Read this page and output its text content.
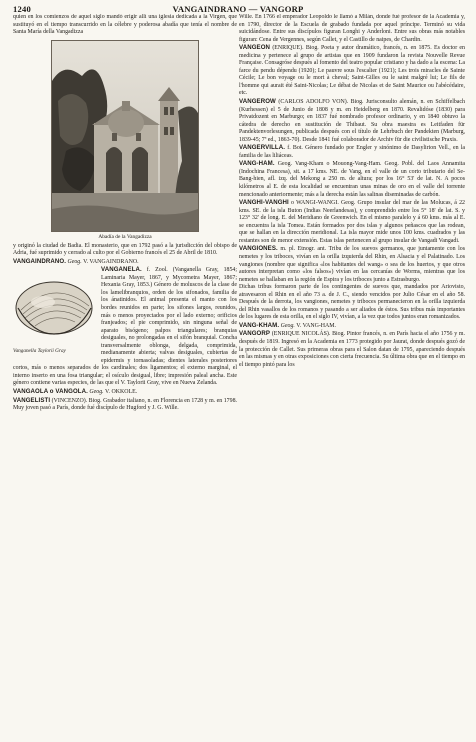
1240	VANGAINDRANO — VANGORP

quien en los comienzos de aquel siglo mandó erigir allí una iglesia dedicada a la Virgen, que sustituyó en el tiempo transcurrido en la célebre y poderosa abadía que tenía el nombre de Santa María della Vangadizza

Abadía de la Vangadizza

y originó la ciudad de Badia. El monasterio, que en 1792 pasó a la jurisdicción del obispo de Adria, fué suprimido y cerrado al culto por el Gobierno francés el 25 de Abril de 1810.

VANGAINDRANO. Geog. V. VANGAINDRANO.

Vanganella Taylorii Gray
VANGANELA. f. Zool. (Vanganella Gray, 1854; Laminaria Mayer, 1867, y Mycometra Mayer, 1867; Hexania Gray, 1853.) Género de moluscos de la clase de los lamelibranquios, orden de los sifonados, familia de los ánatinidos. El animal presenta el manto con los bordes reunidos en parte; los sifones largos, reunidos, más o menos proyectados por el lado externo; orificios franjeados; el pie comprimido, sin ninguna señal de aparato bisógeno; palpos triangulares; branquias desiguales, no prolongadas en el sifón branquial. Concha transversalmente oblonga, delgada, comprimida, medianamente abierta; valvas desiguales, cubiertas de epidermis y tornasoladas; dientes laterales posteriores cortos, más o menos separados de los cardinales; dos ligamentos; el externo marginal, el interno inserto en una fosa triangular; el osículo desigual, libre; impresión paleal ancha. Este género contiene varias especies, de las que el V. Taylorii Gray, vive en Nueva Zelanda.

VANGAOLA o VANGOLA. Geog. V. OKKOLE.

VANGELISTI (VINCENZO). Biog. Grabador italiano, n. en Florencia en 1728 y m. en 1798. Muy joven pasó a París, donde fué discípulo de Hugford y J. G. Wille.

Wille. En 1766 el emperador Leopoldo le llamó a Milán, donde fué profesor de la Academia y, en 1790, director de la Escuela de grabado fundada por aquel príncipe. Terminó su vida suicidándose. Entre sus discípulos figuran Longhi y Anderloni. Entre sus obras más notables figuran: Cena de Vergennes, según Callet, y el Castillo de naipes, de Chardin.

VANGEON (ENRIQUE). Biog. Poeta y autor dramático, francés, n. en 1875. Es doctor en medicina y pertenece al grupo de artistas que en 1909 fundaron la revista Nouvelle Revue Française. Consagróse después al fomento del teatro popular cristiano y ha dado a la escena: La farce du pendu dépendu (1920); Le pauvre sous l'escalier (1921); Les trois miracles de Sainte Cécile; Le bon voyage ou le mort à cheval; Saint-Gilles ou le saint malgré lui; Le fils de l'homme qui aurait été Saint-Nicolas; Le débat de Nicolas et de Saint Maurice ou l'abécédaire, etc.

VANGEROW (CARLOS ADOLFO VON). Biog. Jurisconsulto alemán, n. en Schiffelbach (Kurhessen) el 5 de Junio de 1808 y m. en Heidelberg en 1870. Revalidóse (1830) para Privatdozent en Marburgo; en 1837 fué nombrado profesor ordinario, y en 1840 obtuvo la cátedra de derecho en sustitución de Thibaut. Su obra maestra es Leitfaden für Pandektenvorlesungen, publicada después con el título de Lehrbuch der Pandekten (Marburg, 1839-45; 7ª ed., 1863-70). Desde 1841 fué colaborador de Archiv für die civilistische Praxis.

VANGERVILLA. f. Bot. Género fundado por Engler y sinónimo de Dasylirion Vell., en la familia de las liliáceas.

VANG-HAM. Geog. Vang-Kham o Mouong-Vang-Ham. Geog. Pobl. del Laos Annamita (Indochina Francesa), sit. a 17 kms. NE. de Vang, en el valle de un corto tributario del Se-Bang-hien, afl. izq. del Mekong a 250 m. de altura; por los 16° 53' de lat. N. A pocos kilómetros al E. de esta localidad se encuentran unas minas de oro en el valle del torrente mencionado anteriormente; más a la derecha están las salinas diseminadas de carbón.

VANGHI-VANGHI o WANGI-WANGI. Geog. Grupo insular del mar de las Molucas, á 22 kms. SE. de la isla Buton (Indias Neerlandesas), y comprendido entre los 5° 18' de lat. S. y 123° 32' de long. E. del Meridiano de Greenwich. En el mismo paralelo y á 60 kms. más al E. se encuentra la isla Tomea. Están formados por dos islas y algunos peñascos que las rodean, que se hallan en la dirección meridional. La isla mayor mide unos 100 kms. cuadrados y las restantes son de menor extensión. Estas islas pertenecen al grupo insular de Vangadi Vangadi.

VANGIONES. m. pl. Etnogr. ant. Tribu de los suevos germanos, que juntamente con los nemetes y los triboces, vivían en la orilla izquierda del Rhin, en Alsacia y el Palatinado. Los vangiones (nombre que significa «los habitantes del wang» o sea de los huertos, y que otros autores interpretan como «los falsos») vivían en las cercanías de Worms, mientras que los nemetes se hallaban en la región de Espira y los triboces junto a Estrasburgo.

Dichas tribus formaron parte de los contingentes de suevos que, mandados por Ariovisto, atravesaron el Rhin en el año 73 a. de J. C., siendo vencidos por Julio César en el año 58. Después de la derrota, los vangiones, nemetes y triboces permanecieron en la orilla izquierda del Rhin vasallos de los romanos y pasando a ser aliados de éstos. Sus tribus más importantes de los lugares de esta orilla, en el siglo IV, vivían, a la vez que todos juntos eran romanizados.

VANG-KHAM. Geog. V. VANG-HAM.

VANGORP (ENRIQUE NICOLÁS). Biog. Pintor francés, n. en París hacia el año 1756 y m. después de 1819. Ingresó en la Academia en 1773 protegido por Jaurat, donde después gozó de la protección de Callet. Sus primeras obras para el Salon datan de 1795, apareciendo después en las mismas y en otras exposiciones con cierta frecuencia. Su última obra que en el tiempo en el tiempo pintó para los
